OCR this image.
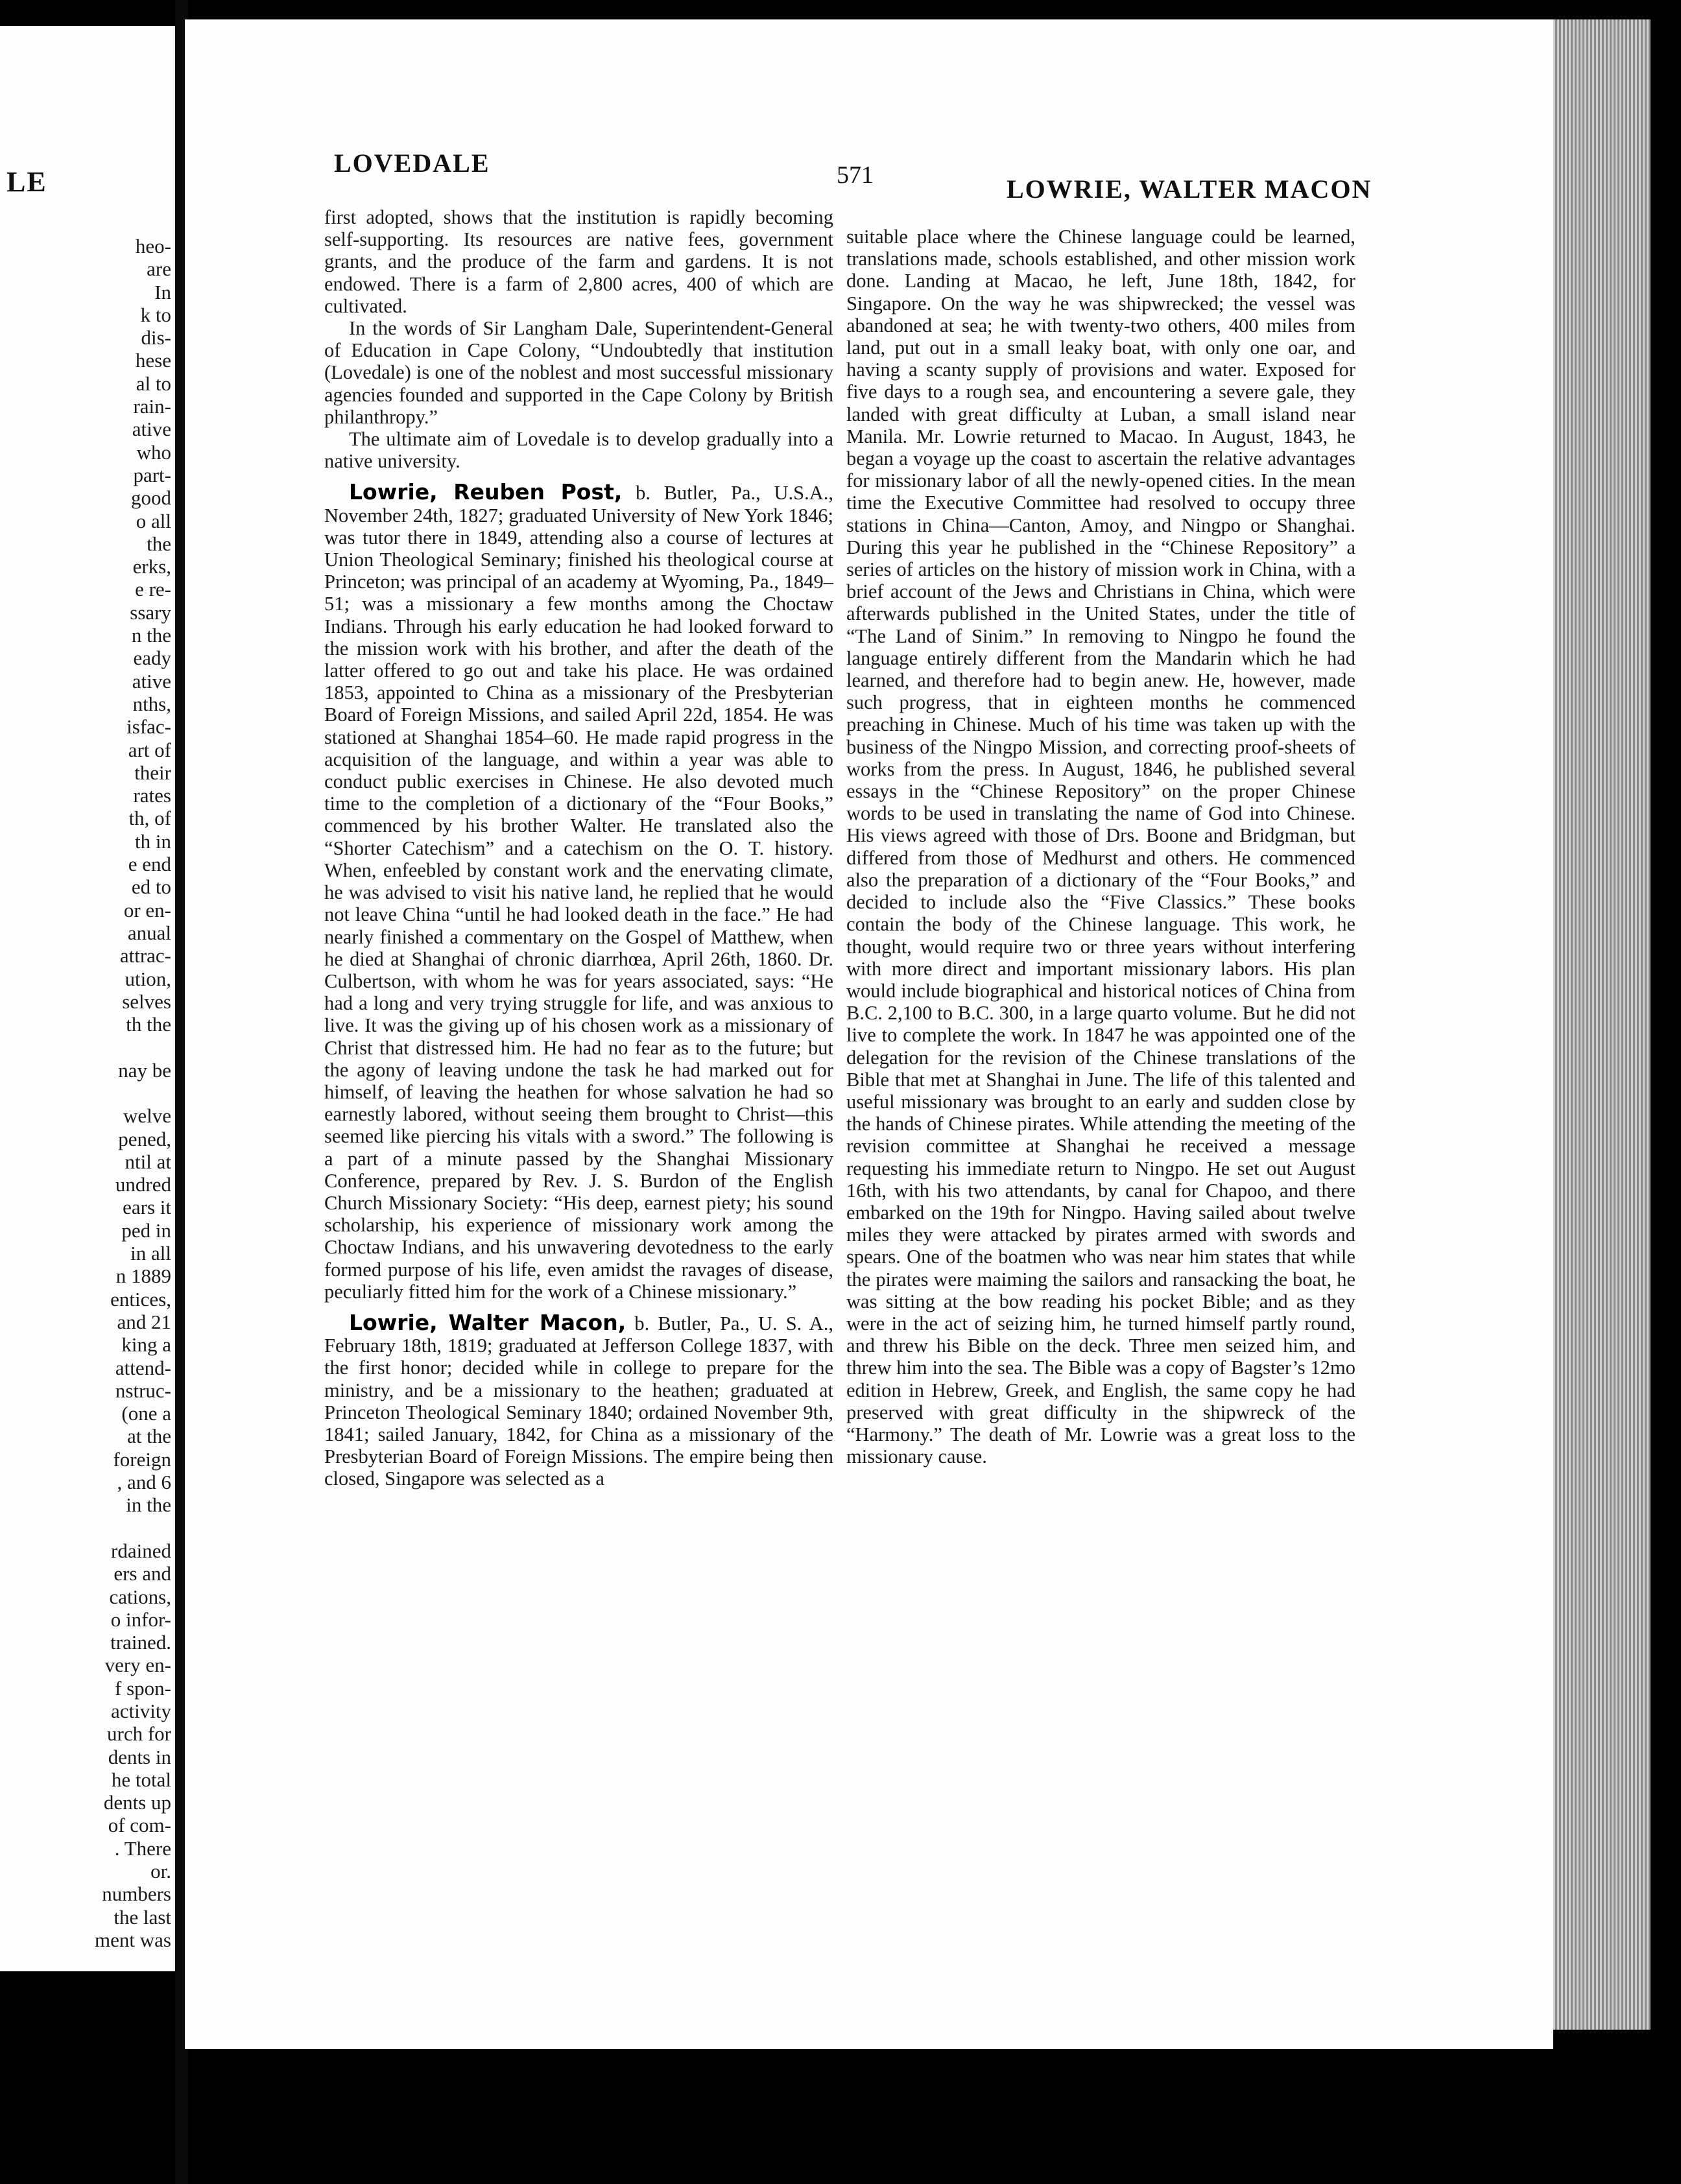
LE
heo-
are
In
k to
dis-
hese
al to
rain-
ative
who
part-
good
o all
the
erks,
e re-
ssary
n the
eady
ative
nths,
isfac-
art of
their
rates
th, of
th in
e end
ed to
or en-
anual
attrac-
ution,
selves
th the
nay be
welve
pened,
ntil at
undred
ears it
ped in
in all
n 1889
entices,
and 21
king a
attend-
nstruc-
(one a
at the
foreign
, and 6
in the
rdained
ers and
cations,
o infor-
trained.
very en-
f spon-
activity
urch for
dents in
he total
dents up
of com-
. There
or.
numbers
the last
ment was
LOVEDALE	571	LOWRIE, WALTER MACON

first adopted, shows that the institution is rapidly becoming self-supporting. Its resources are native fees, government grants, and the produce of the farm and gardens. It is not endowed. There is a farm of 2,800 acres, 400 of which are cultivated.

In the words of Sir Langham Dale, Superintendent-General of Education in Cape Colony, “Undoubtedly that institution (Lovedale) is one of the noblest and most successful missionary agencies founded and supported in the Cape Colony by British philanthropy.”

The ultimate aim of Lovedale is to develop gradually into a native university.

Lowrie, Reuben Post, b. Butler, Pa., U.S.A., November 24th, 1827; graduated University of New York 1846; was tutor there in 1849, attending also a course of lectures at Union Theological Seminary; finished his theological course at Princeton; was principal of an academy at Wyoming, Pa., 1849–51; was a missionary a few months among the Choctaw Indians. Through his early education he had looked forward to the mission work with his brother, and after the death of the latter offered to go out and take his place. He was ordained 1853, appointed to China as a missionary of the Presbyterian Board of Foreign Missions, and sailed April 22d, 1854. He was stationed at Shanghai 1854–60. He made rapid progress in the acquisition of the language, and within a year was able to conduct public exercises in Chinese. He also devoted much time to the completion of a dictionary of the “Four Books,” commenced by his brother Walter. He translated also the “Shorter Catechism” and a catechism on the O. T. history. When, enfeebled by constant work and the enervating climate, he was advised to visit his native land, he replied that he would not leave China “until he had looked death in the face.” He had nearly finished a commentary on the Gospel of Matthew, when he died at Shanghai of chronic diarrhœa, April 26th, 1860. Dr. Culbertson, with whom he was for years associated, says: “He had a long and very trying struggle for life, and was anxious to live. It was the giving up of his chosen work as a missionary of Christ that distressed him. He had no fear as to the future; but the agony of leaving undone the task he had marked out for himself, of leaving the heathen for whose salvation he had so earnestly labored, without seeing them brought to Christ—this seemed like piercing his vitals with a sword.” The following is a part of a minute passed by the Shanghai Missionary Conference, prepared by Rev. J. S. Burdon of the English Church Missionary Society: “His deep, earnest piety; his sound scholarship, his experience of missionary work among the Choctaw Indians, and his unwavering devotedness to the early formed purpose of his life, even amidst the ravages of disease, peculiarly fitted him for the work of a Chinese missionary.”

Lowrie, Walter Macon, b. Butler, Pa., U. S. A., February 18th, 1819; graduated at Jefferson College 1837, with the first honor; decided while in college to prepare for the ministry, and be a missionary to the heathen; graduated at Princeton Theological Seminary 1840; ordained November 9th, 1841; sailed January, 1842, for China as a missionary of the Presbyterian Board of Foreign Missions. The empire being then closed, Singapore was selected as a

suitable place where the Chinese language could be learned, translations made, schools established, and other mission work done. Landing at Macao, he left, June 18th, 1842, for Singapore. On the way he was shipwrecked; the vessel was abandoned at sea; he with twenty-two others, 400 miles from land, put out in a small leaky boat, with only one oar, and having a scanty supply of provisions and water. Exposed for five days to a rough sea, and encountering a severe gale, they landed with great difficulty at Luban, a small island near Manila. Mr. Lowrie returned to Macao. In August, 1843, he began a voyage up the coast to ascertain the relative advantages for missionary labor of all the newly-opened cities. In the mean time the Executive Committee had resolved to occupy three stations in China—Canton, Amoy, and Ningpo or Shanghai. During this year he published in the “Chinese Repository” a series of articles on the history of mission work in China, with a brief account of the Jews and Christians in China, which were afterwards published in the United States, under the title of “The Land of Sinim.” In removing to Ningpo he found the language entirely different from the Mandarin which he had learned, and therefore had to begin anew. He, however, made such progress, that in eighteen months he commenced preaching in Chinese. Much of his time was taken up with the business of the Ningpo Mission, and correcting proof-sheets of works from the press. In August, 1846, he published several essays in the “Chinese Repository” on the proper Chinese words to be used in translating the name of God into Chinese. His views agreed with those of Drs. Boone and Bridgman, but differed from those of Medhurst and others. He commenced also the preparation of a dictionary of the “Four Books,” and decided to include also the “Five Classics.” These books contain the body of the Chinese language. This work, he thought, would require two or three years without interfering with more direct and important missionary labors. His plan would include biographical and historical notices of China from B.C. 2,100 to B.C. 300, in a large quarto volume. But he did not live to complete the work. In 1847 he was appointed one of the delegation for the revision of the Chinese translations of the Bible that met at Shanghai in June. The life of this talented and useful missionary was brought to an early and sudden close by the hands of Chinese pirates. While attending the meeting of the revision committee at Shanghai he received a message requesting his immediate return to Ningpo. He set out August 16th, with his two attendants, by canal for Chapoo, and there embarked on the 19th for Ningpo. Having sailed about twelve miles they were attacked by pirates armed with swords and spears. One of the boatmen who was near him states that while the pirates were maiming the sailors and ransacking the boat, he was sitting at the bow reading his pocket Bible; and as they were in the act of seizing him, he turned himself partly round, and threw his Bible on the deck. Three men seized him, and threw him into the sea. The Bible was a copy of Bagster’s 12mo edition in Hebrew, Greek, and English, the same copy he had preserved with great difficulty in the shipwreck of the “Harmony.” The death of Mr. Lowrie was a great loss to the missionary cause.
